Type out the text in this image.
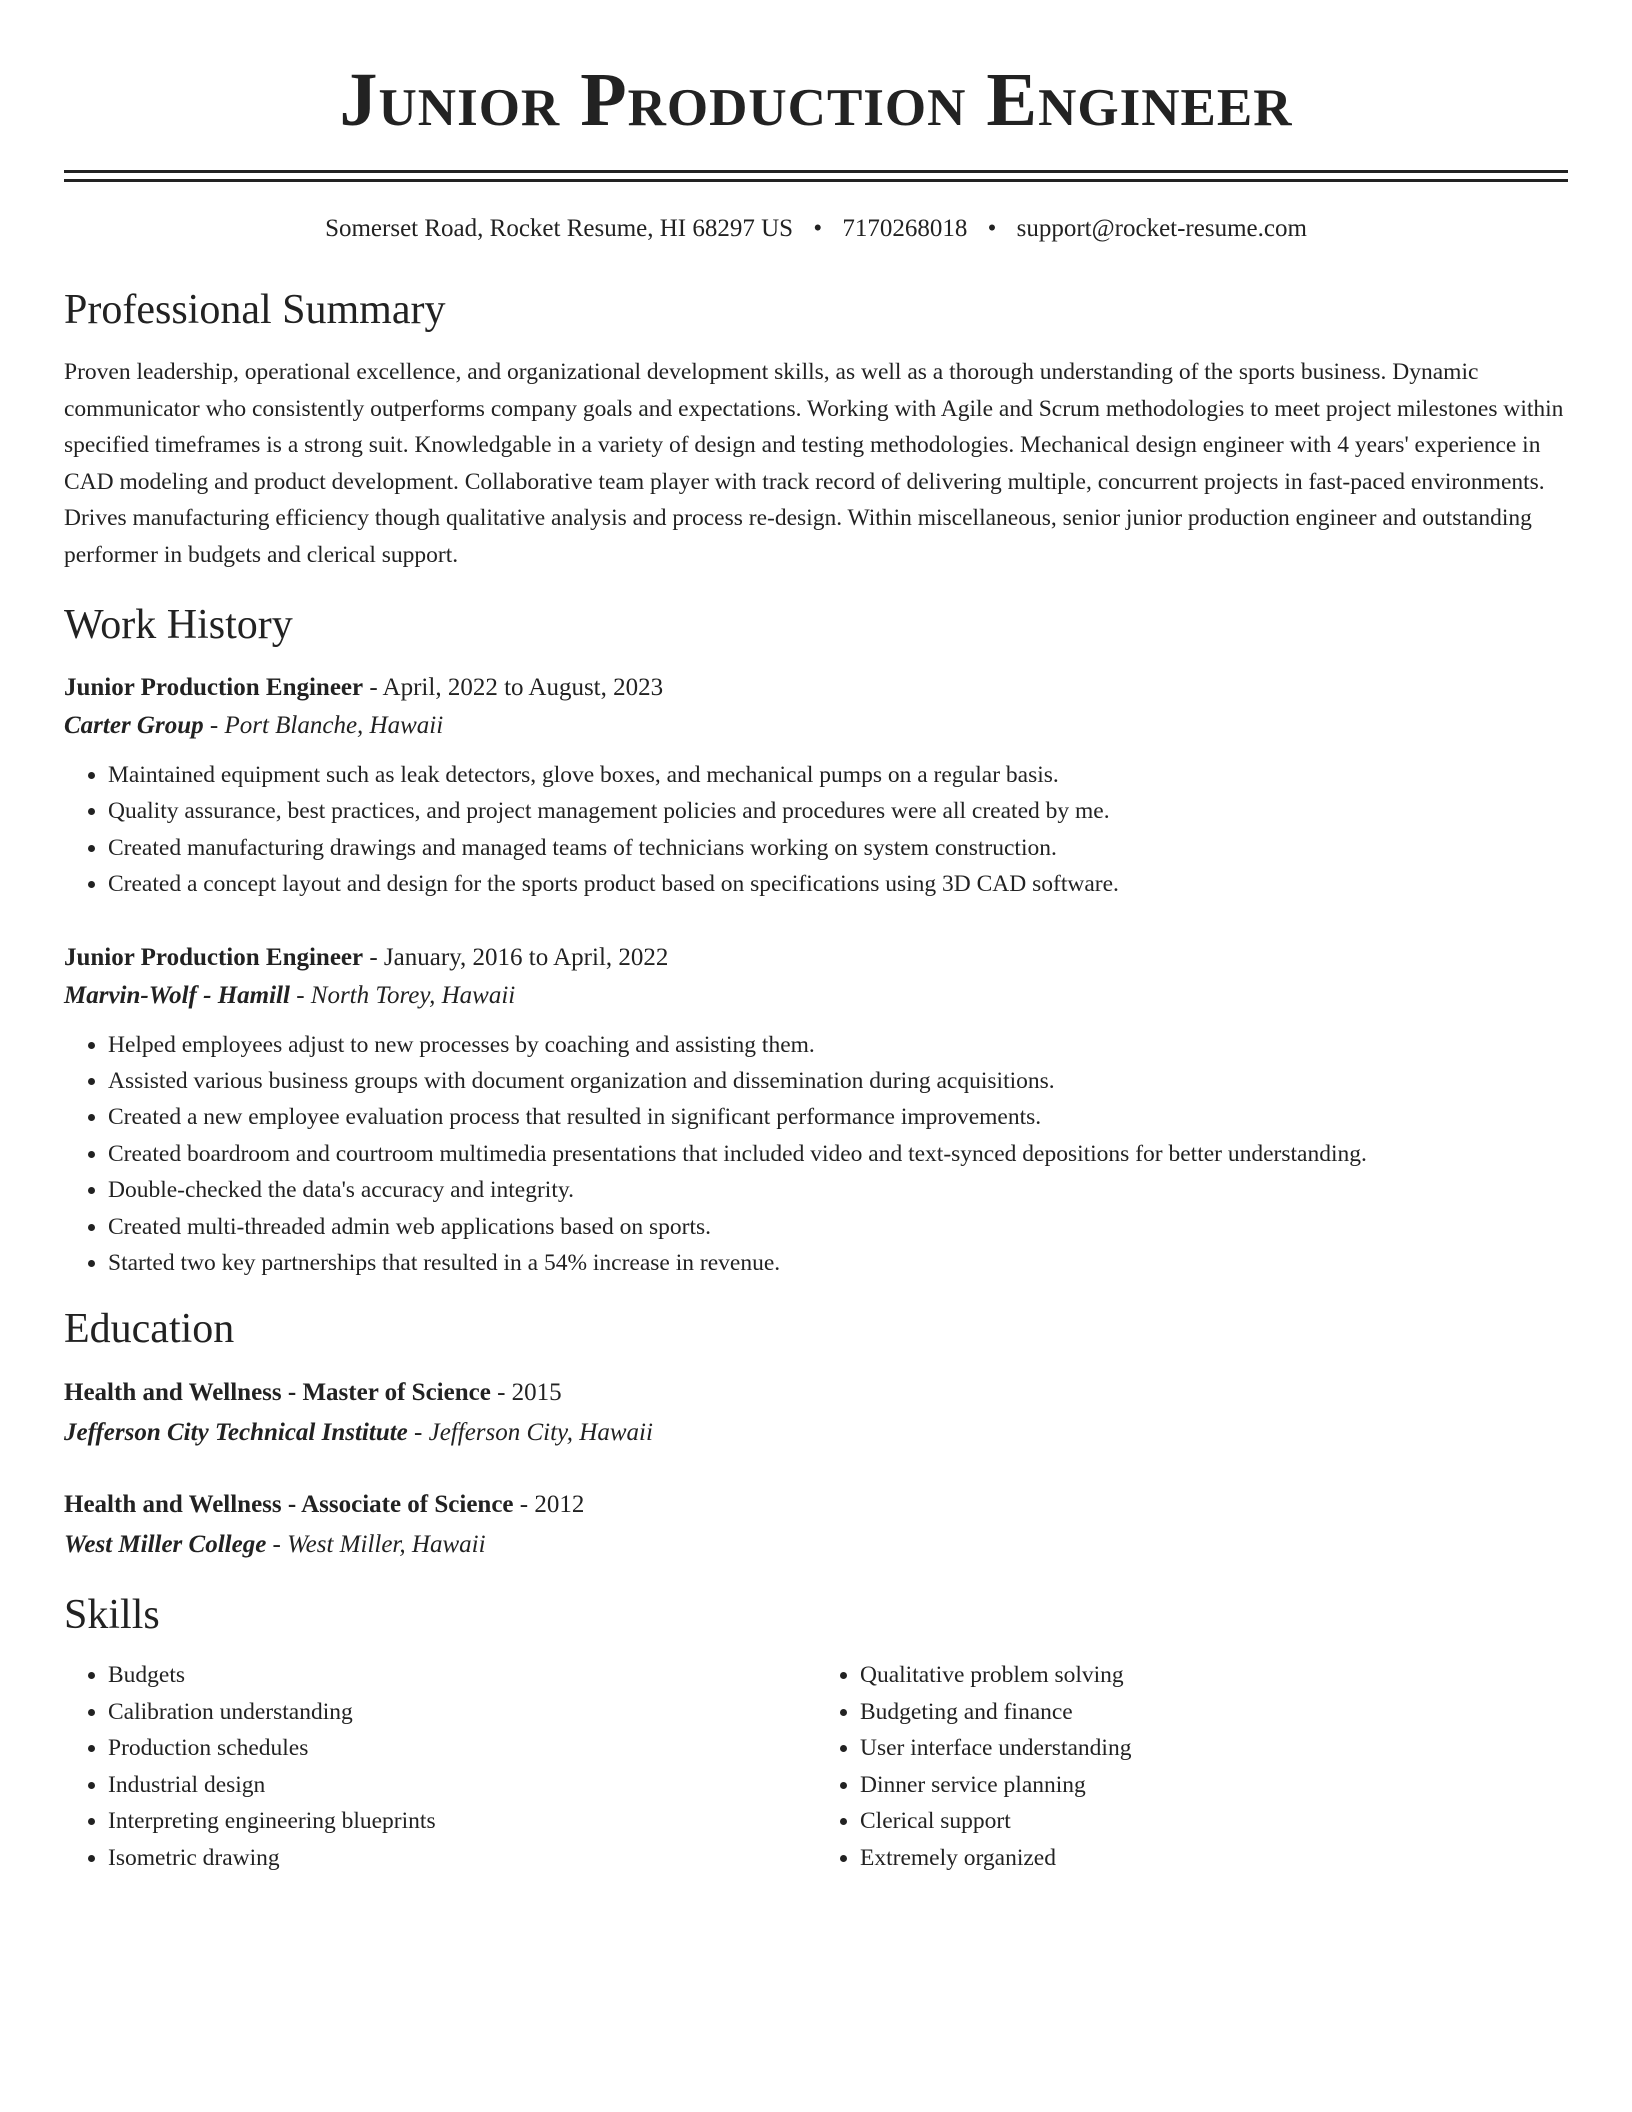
Junior Production Engineer
Somerset Road, Rocket Resume, HI 68297 US • 7170268018 • support@rocket-resume.com
Professional Summary

Proven leadership, operational excellence, and organizational development skills, as well as a thorough understanding of the sports business. Dynamic communicator who consistently outperforms company goals and expectations. Working with Agile and Scrum methodologies to meet project milestones within specified timeframes is a strong suit. Knowledgable in a variety of design and testing methodologies. Mechanical design engineer with 4 years' experience in CAD modeling and product development. Collaborative team player with track record of delivering multiple, concurrent projects in fast-paced environments. Drives manufacturing efficiency though qualitative analysis and process re-design. Within miscellaneous, senior junior production engineer and outstanding performer in budgets and clerical support.

Work History
Junior Production Engineer - April, 2022 to August, 2023
Carter Group - Port Blanche, Hawaii
• Maintained equipment such as leak detectors, glove boxes, and mechanical pumps on a regular basis.
• Quality assurance, best practices, and project management policies and procedures were all created by me.
• Created manufacturing drawings and managed teams of technicians working on system construction.
• Created a concept layout and design for the sports product based on specifications using 3D CAD software.
Junior Production Engineer - January, 2016 to April, 2022
Marvin-Wolf - Hamill - North Torey, Hawaii
• Helped employees adjust to new processes by coaching and assisting them.
• Assisted various business groups with document organization and dissemination during acquisitions.
• Created a new employee evaluation process that resulted in significant performance improvements.
• Created boardroom and courtroom multimedia presentations that included video and text-synced depositions for better understanding.
• Double-checked the data's accuracy and integrity.
• Created multi-threaded admin web applications based on sports.
• Started two key partnerships that resulted in a 54% increase in revenue.
Education
Health and Wellness - Master of Science - 2015
Jefferson City Technical Institute - Jefferson City, Hawaii
Health and Wellness - Associate of Science - 2012
West Miller College - West Miller, Hawaii
Skills
• Budgets
• Calibration understanding
• Production schedules
• Industrial design
• Interpreting engineering blueprints
• Isometric drawing
• Qualitative problem solving
• Budgeting and finance
• User interface understanding
• Dinner service planning
• Clerical support
• Extremely organized
